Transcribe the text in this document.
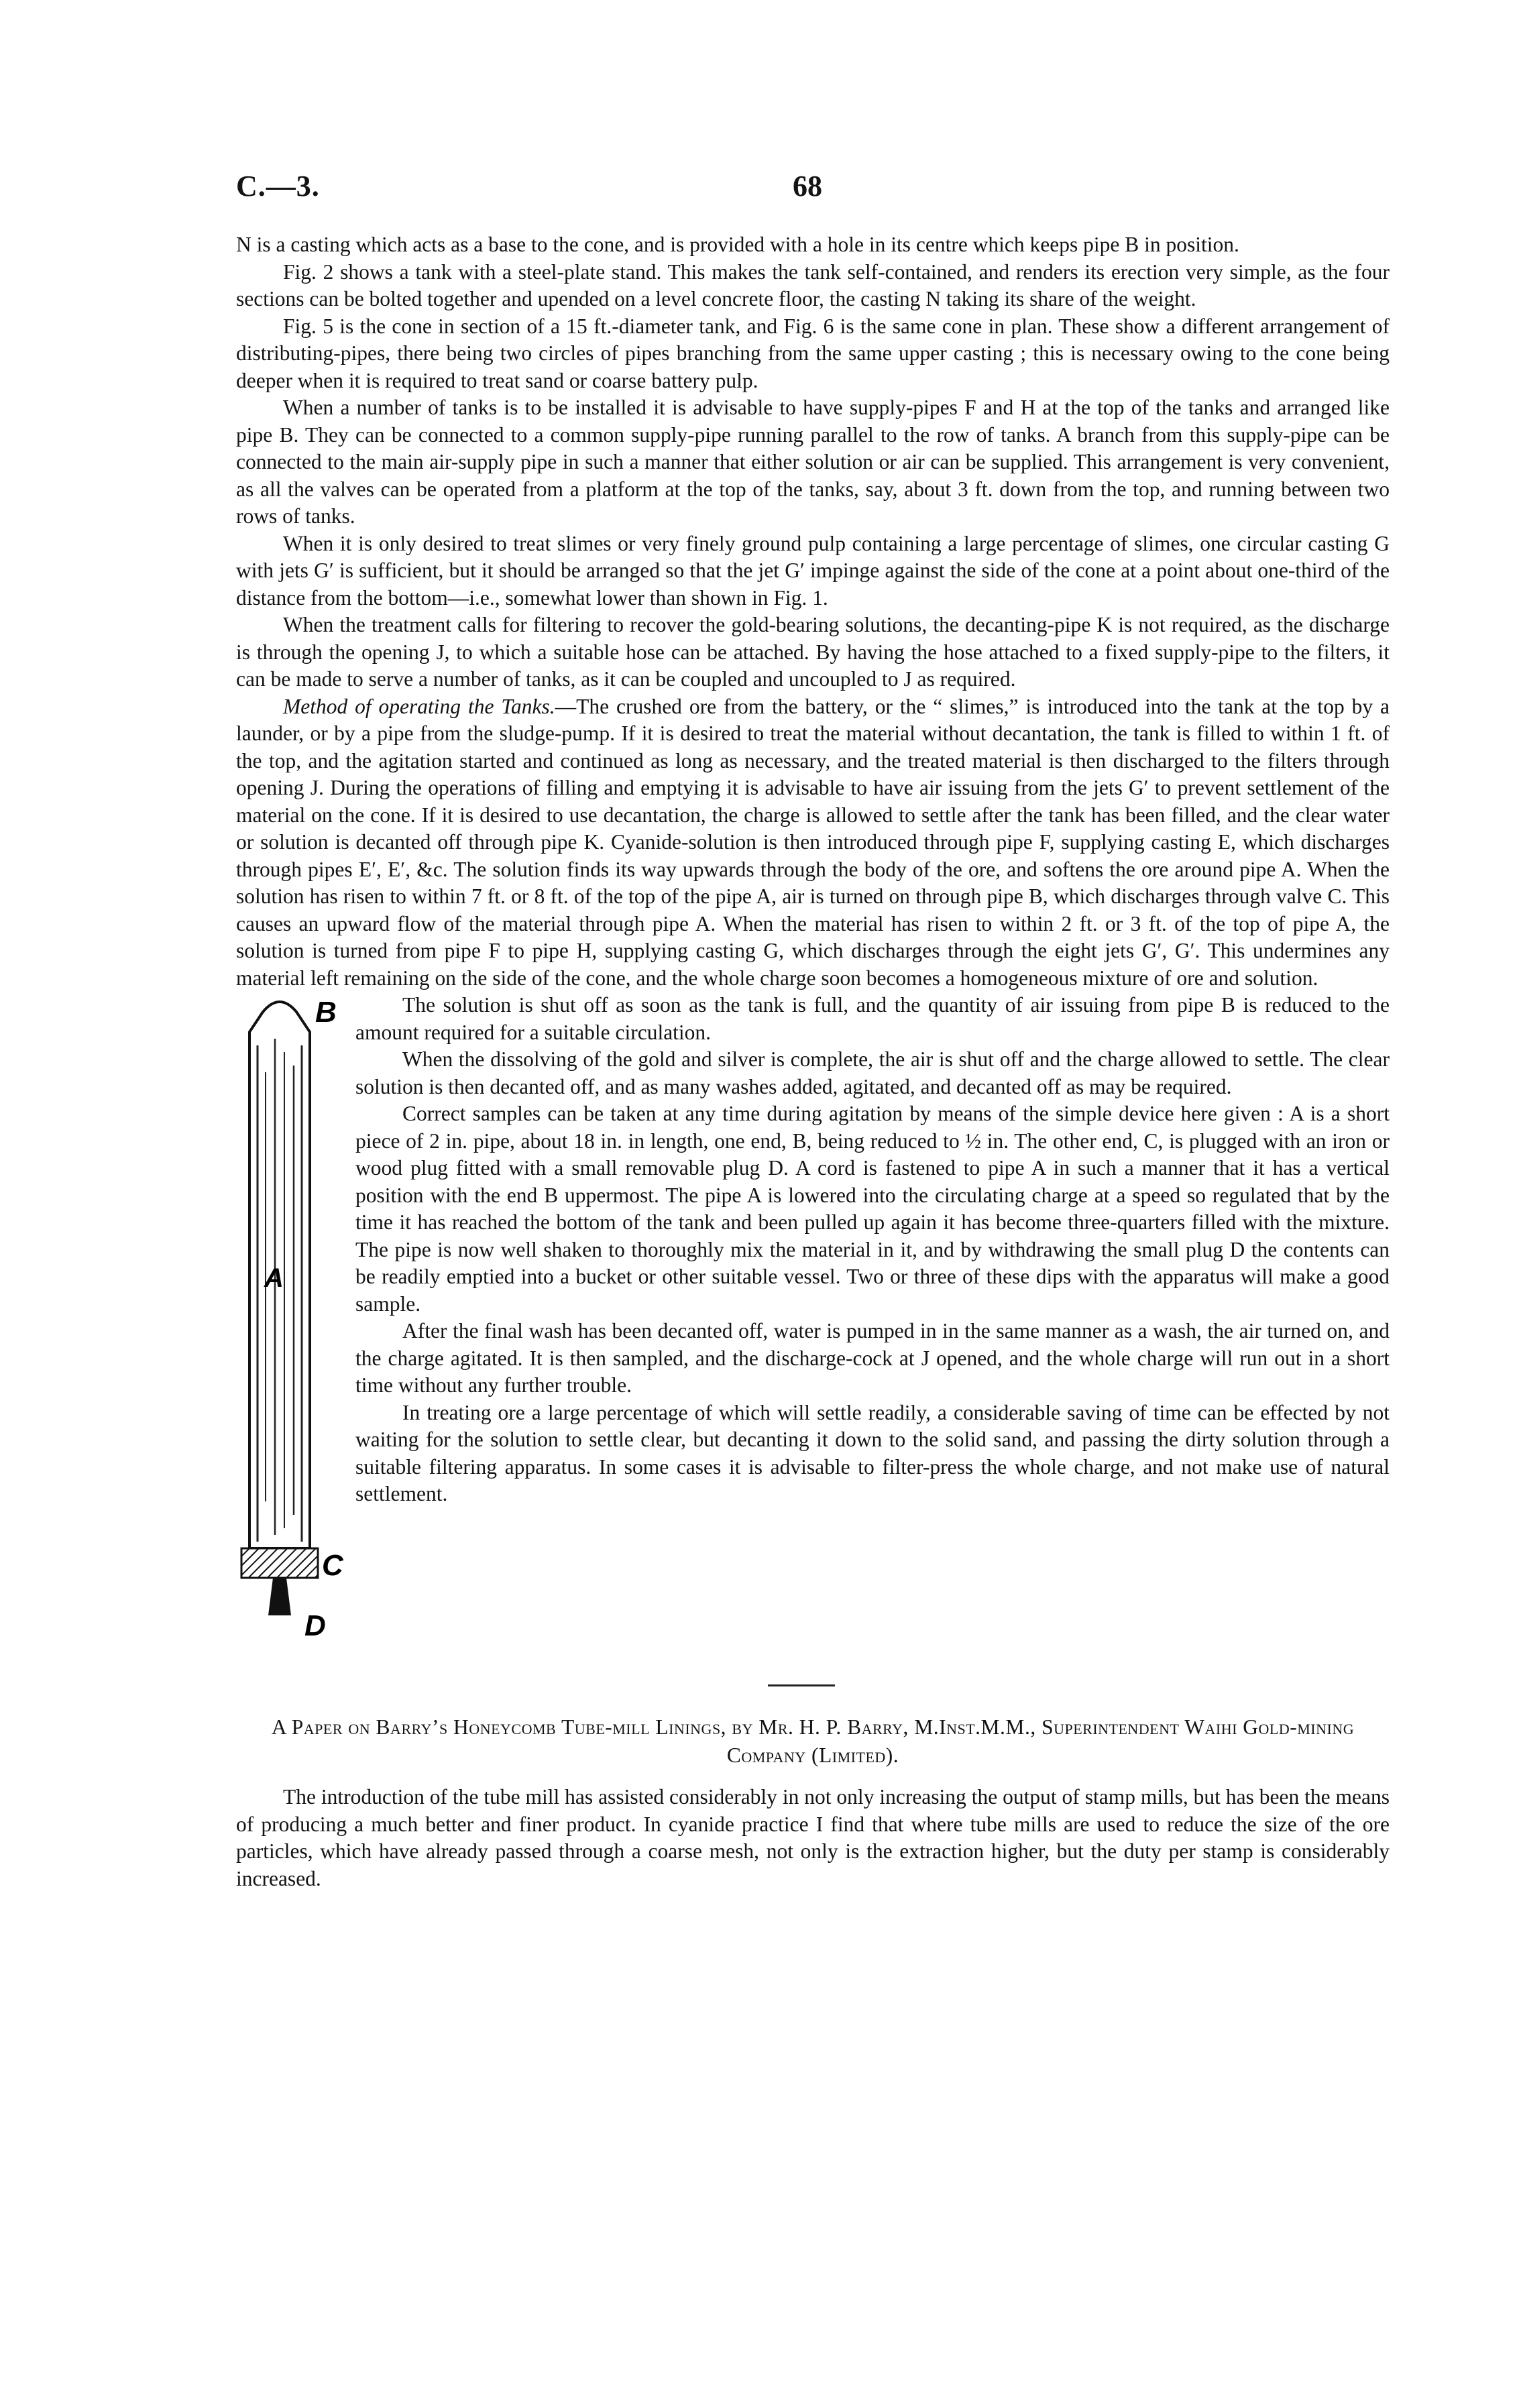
C.—3.	68

N is a casting which acts as a base to the cone, and is provided with a hole in its centre which keeps pipe B in position.

Fig. 2 shows a tank with a steel-plate stand. This makes the tank self-contained, and renders its erection very simple, as the four sections can be bolted together and upended on a level concrete floor, the casting N taking its share of the weight.

Fig. 5 is the cone in section of a 15 ft.-diameter tank, and Fig. 6 is the same cone in plan. These show a different arrangement of distributing-pipes, there being two circles of pipes branching from the same upper casting ; this is necessary owing to the cone being deeper when it is required to treat sand or coarse battery pulp.

When a number of tanks is to be installed it is advisable to have supply-pipes F and H at the top of the tanks and arranged like pipe B. They can be connected to a common supply-pipe running parallel to the row of tanks. A branch from this supply-pipe can be connected to the main air-supply pipe in such a manner that either solution or air can be supplied. This arrangement is very convenient, as all the valves can be operated from a platform at the top of the tanks, say, about 3 ft. down from the top, and running between two rows of tanks.

When it is only desired to treat slimes or very finely ground pulp containing a large percentage of slimes, one circular casting G with jets G′ is sufficient, but it should be arranged so that the jet G′ impinge against the side of the cone at a point about one-third of the distance from the bottom—i.e., somewhat lower than shown in Fig. 1.

When the treatment calls for filtering to recover the gold-bearing solutions, the decanting-pipe K is not required, as the discharge is through the opening J, to which a suitable hose can be attached. By having the hose attached to a fixed supply-pipe to the filters, it can be made to serve a number of tanks, as it can be coupled and uncoupled to J as required.

Method of operating the Tanks.—The crushed ore from the battery, or the “ slimes,” is introduced into the tank at the top by a launder, or by a pipe from the sludge-pump. If it is desired to treat the material without decantation, the tank is filled to within 1 ft. of the top, and the agitation started and continued as long as necessary, and the treated material is then discharged to the filters through opening J. During the operations of filling and emptying it is advisable to have air issuing from the jets G′ to prevent settlement of the material on the cone. If it is desired to use decantation, the charge is allowed to settle after the tank has been filled, and the clear water or solution is decanted off through pipe K. Cyanide-solution is then introduced through pipe F, supplying casting E, which discharges through pipes E′, E′, &c. The solution finds its way upwards through the body of the ore, and softens the ore around pipe A. When the solution has risen to within 7 ft. or 8 ft. of the top of the pipe A, air is turned on through pipe B, which discharges through valve C. This causes an upward flow of the material through pipe A. When the material has risen to within 2 ft. or 3 ft. of the top of pipe A, the solution is turned from pipe F to pipe H, supplying casting G, which discharges through the eight jets G′, G′. This undermines any material left remaining on the side of the cone, and the whole charge soon becomes a homogeneous mixture of ore and solution.

B
A
C
D

The solution is shut off as soon as the tank is full, and the quantity of air issuing from pipe B is reduced to the amount required for a suitable circulation.

When the dissolving of the gold and silver is complete, the air is shut off and the charge allowed to settle. The clear solution is then decanted off, and as many washes added, agitated, and decanted off as may be required.

Correct samples can be taken at any time during agitation by means of the simple device here given : A is a short piece of 2 in. pipe, about 18 in. in length, one end, B, being reduced to ½ in. The other end, C, is plugged with an iron or wood plug fitted with a small removable plug D. A cord is fastened to pipe A in such a manner that it has a vertical position with the end B uppermost. The pipe A is lowered into the circulating charge at a speed so regulated that by the time it has reached the bottom of the tank and been pulled up again it has become three-quarters filled with the mixture. The pipe is now well shaken to thoroughly mix the material in it, and by withdrawing the small plug D the contents can be readily emptied into a bucket or other suitable vessel. Two or three of these dips with the apparatus will make a good sample.

After the final wash has been decanted off, water is pumped in in the same manner as a wash, the air turned on, and the charge agitated. It is then sampled, and the discharge-cock at J opened, and the whole charge will run out in a short time without any further trouble.

In treating ore a large percentage of which will settle readily, a considerable saving of time can be effected by not waiting for the solution to settle clear, but decanting it down to the solid sand, and passing the dirty solution through a suitable filtering apparatus. In some cases it is advisable to filter-press the whole charge, and not make use of natural settlement.

A Paper on Barry’s Honeycomb Tube-mill Linings, by Mr. H. P. Barry, M.Inst.M.M., Superintendent Waihi Gold-mining Company (Limited).

The introduction of the tube mill has assisted considerably in not only increasing the output of stamp mills, but has been the means of producing a much better and finer product. In cyanide practice I find that where tube mills are used to reduce the size of the ore particles, which have already passed through a coarse mesh, not only is the extraction higher, but the duty per stamp is considerably increased.
